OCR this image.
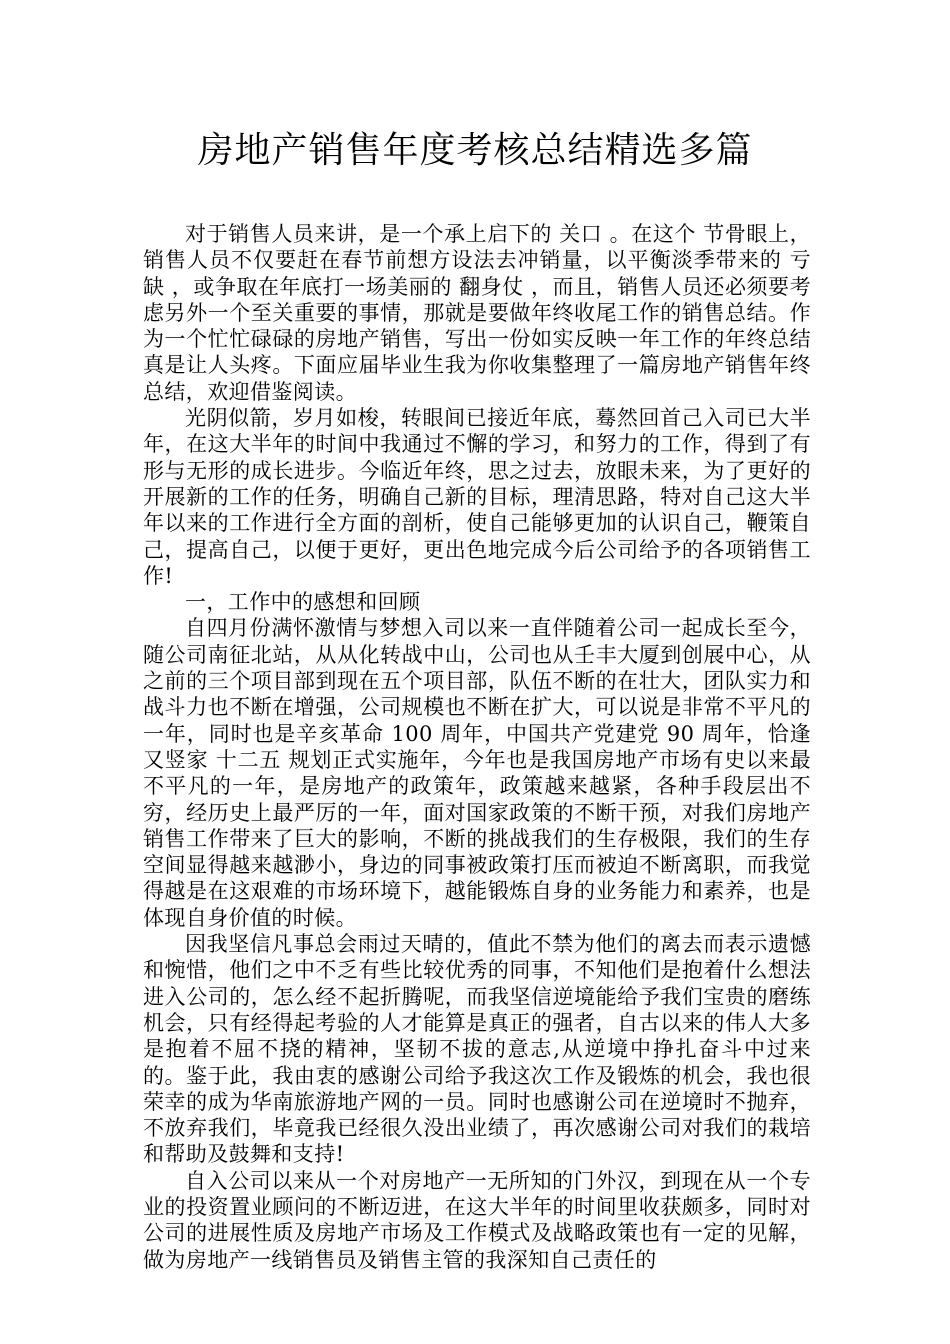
房地产销售年度考核总结精选多篇

对于销售人员来讲，是一个承上启下的 关口 。在这个 节骨眼上，销售人员不仅要赶在春节前想方设法去冲销量，以平衡淡季带来的 亏缺 ，或争取在年底打一场美丽的 翻身仗 ，而且，销售人员还必须要考虑另外一个至关重要的事情，那就是要做年终收尾工作的销售总结。作为一个忙忙碌碌的房地产销售，写出一份如实反映一年工作的年终总结真是让人头疼。下面应届毕业生我为你收集整理了一篇房地产销售年终总结，欢迎借鉴阅读。

光阴似箭，岁月如梭，转眼间已接近年底，蓦然回首己入司已大半年，在这大半年的时间中我通过不懈的学习，和努力的工作，得到了有形与无形的成长进步。今临近年终，思之过去，放眼未来，为了更好的开展新的工作的任务，明确自己新的目标，理清思路，特对自己这大半年以来的工作进行全方面的剖析，使自己能够更加的认识自己，鞭策自己，提高自己，以便于更好，更出色地完成今后公司给予的各项销售工作!

一，工作中的感想和回顾

自四月份满怀激情与梦想入司以来一直伴随着公司一起成长至今，随公司南征北站，从从化转战中山，公司也从壬丰大厦到创展中心，从之前的三个项目部到现在五个项目部，队伍不断的在壮大，团队实力和战斗力也不断在增强，公司规模也不断在扩大，可以说是非常不平凡的一年，同时也是辛亥革命 100 周年，中国共产党建党 90 周年，恰逢又竖家 十二五 规划正式实施年，今年也是我国房地产市场有史以来最不平凡的一年，是房地产的政策年，政策越来越紧，各种手段层出不穷，经历史上最严厉的一年，面对国家政策的不断干预，对我们房地产销售工作带来了巨大的影响，不断的挑战我们的生存极限，我们的生存空间显得越来越渺小，身边的同事被政策打压而被迫不断离职，而我觉得越是在这艰难的市场环境下，越能锻炼自身的业务能力和素养，也是体现自身价值的时候。

因我坚信凡事总会雨过天晴的，值此不禁为他们的离去而表示遗憾和惋惜，他们之中不乏有些比较优秀的同事，不知他们是抱着什么想法进入公司的，怎么经不起折腾呢，而我坚信逆境能给予我们宝贵的磨练机会，只有经得起考验的人才能算是真正的强者，自古以来的伟人大多是抱着不屈不挠的精神，坚韧不拔的意志,从逆境中挣扎奋斗中过来的。鉴于此，我由衷的感谢公司给予我这次工作及锻炼的机会，我也很荣幸的成为华南旅游地产网的一员。同时也感谢公司在逆境时不抛弃，不放弃我们，毕竟我已经很久没出业绩了，再次感谢公司对我们的栽培和帮助及鼓舞和支持!

自入公司以来从一个对房地产一无所知的门外汉，到现在从一个专业的投资置业顾问的不断迈进，在这大半年的时间里收获颇多，同时对公司的进展性质及房地产市场及工作模式及战略政策也有一定的见解，做为房地产一线销售员及销售主管的我深知自己责任的
